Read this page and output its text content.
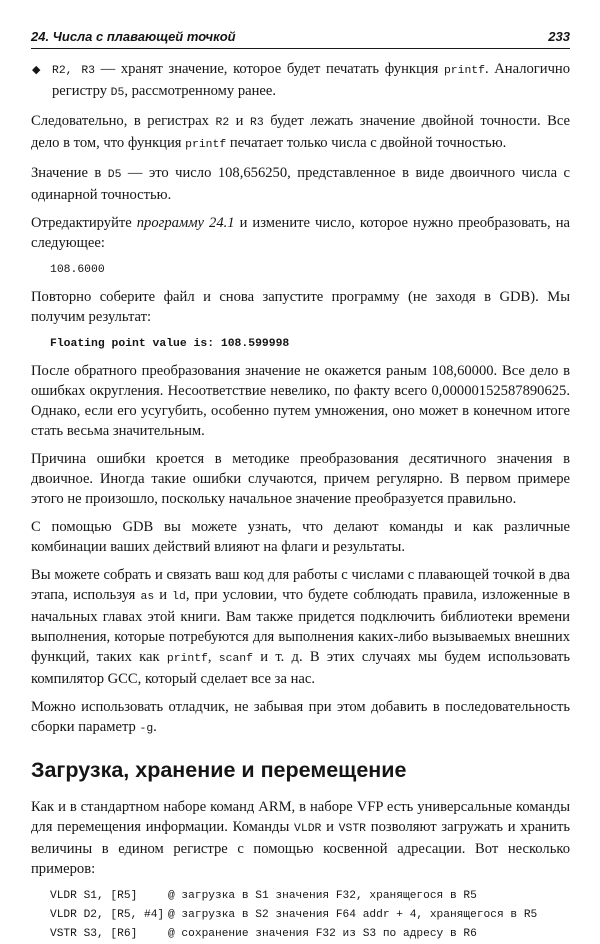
24. Числа с плавающей точкой	233

◆ R2, R3 — хранят значение, которое будет печатать функция printf. Аналогично регистру D5, рассмотренному ранее.

Следовательно, в регистрах R2 и R3 будет лежать значение двойной точности. Все дело в том, что функция printf печатает только числа с двойной точностью.

Значение в D5 — это число 108,656250, представленное в виде двоичного числа с одинарной точностью.

Отредактируйте программу 24.1 и измените число, которое нужно преобразовать, на следующее:

108.6000

Повторно соберите файл и снова запустите программу (не заходя в GDB). Мы получим результат:

Floating point value is: 108.599998

После обратного преобразования значение не окажется раным 108,60000. Все дело в ошибках округления. Несоответствие невелико, по факту всего 0,00000152587890625. Однако, если его усугубить, особенно путем умножения, оно может в конечном итоге стать весьма значительным.

Причина ошибки кроется в методике преобразования десятичного значения в двоичное. Иногда такие ошибки случаются, причем регулярно. В первом примере этого не произошло, поскольку начальное значение преобразуется правильно.

С помощью GDB вы можете узнать, что делают команды и как различные комбинации ваших действий влияют на флаги и результаты.

Вы можете собрать и связать ваш код для работы с числами с плавающей точкой в два этапа, используя as и ld, при условии, что будете соблюдать правила, изложенные в начальных главах этой книги. Вам также придется подключить библиотеки времени выполнения, которые потребуются для выполнения каких-либо вызываемых внешних функций, таких как printf, scanf и т. д. В этих случаях мы будем использовать компилятор GCC, который сделает все за нас.

Можно использовать отладчик, не забывая при этом добавить в последовательность сборки параметр -g.

Загрузка, хранение и перемещение

Как и в стандартном наборе команд ARM, в наборе VFP есть универсальные команды для перемещения информации. Команды VLDR и VSTR позволяют загружать и хранить величины в едином регистре с помощью косвенной адресации. Вот несколько примеров:

VLDR S1, [R5]	@ загрузка в S1 значения F32, хранящегося в R5
VLDR D2, [R5, #4] @ загрузка в S2 значения F64 addr + 4, хранящегося в R5
VSTR S3, [R6]	@ сохранение значения F32 из S3 по адресу в R6
